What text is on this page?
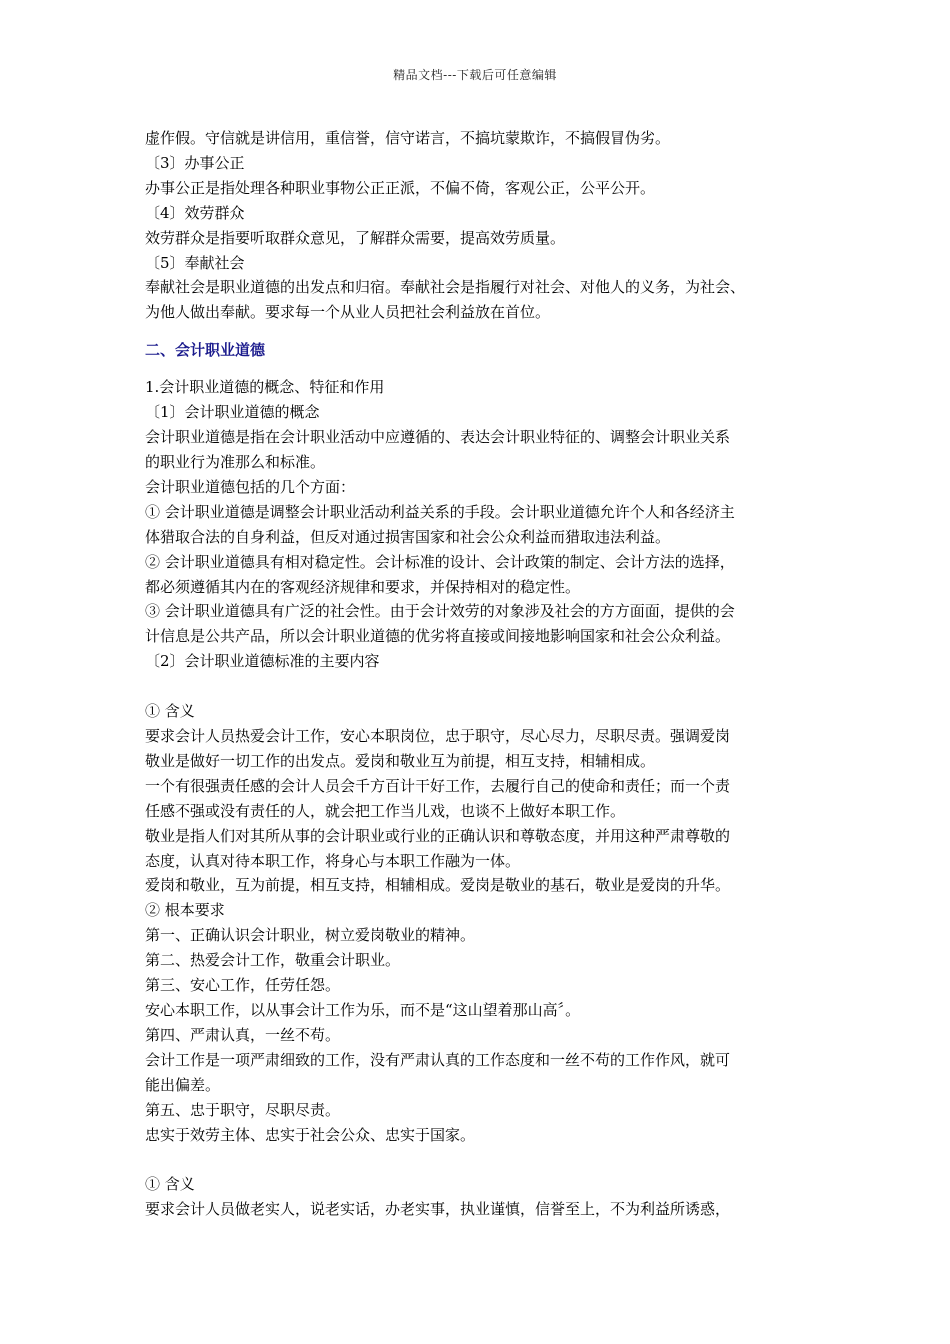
精品文档---下载后可任意编辑
虚作假。守信就是讲信用，重信誉，信守诺言，不搞坑蒙欺诈，不搞假冒伪劣。
〔3〕办事公正
办事公正是指处理各种职业事物公正正派，不偏不倚，客观公正，公平公开。
〔4〕效劳群众
效劳群众是指要听取群众意见，了解群众需要，提高效劳质量。
〔5〕奉献社会
奉献社会是职业道德的出发点和归宿。奉献社会是指履行对社会、对他人的义务，为社会、
为他人做出奉献。要求每一个从业人员把社会利益放在首位。
二、会计职业道德
1.会计职业道德的概念、特征和作用
〔1〕会计职业道德的概念
会计职业道德是指在会计职业活动中应遵循的、表达会计职业特征的、调整会计职业关系
的职业行为准那么和标准。
会计职业道德包括的几个方面：
① 会计职业道德是调整会计职业活动利益关系的手段。会计职业道德允许个人和各经济主
体猎取合法的自身利益，但反对通过损害国家和社会公众利益而猎取违法利益。
② 会计职业道德具有相对稳定性。会计标准的设计、会计政策的制定、会计方法的选择，
都必须遵循其内在的客观经济规律和要求，并保持相对的稳定性。
③ 会计职业道德具有广泛的社会性。由于会计效劳的对象涉及社会的方方面面，提供的会
计信息是公共产品，所以会计职业道德的优劣将直接或间接地影响国家和社会公众利益。
〔2〕会计职业道德标准的主要内容
① 含义
要求会计人员热爱会计工作，安心本职岗位，忠于职守，尽心尽力，尽职尽责。强调爱岗
敬业是做好一切工作的出发点。爱岗和敬业互为前提，相互支持，相辅相成。
一个有很强责任感的会计人员会千方百计干好工作，去履行自己的使命和责任；而一个责
任感不强或没有责任的人，就会把工作当儿戏，也谈不上做好本职工作。
敬业是指人们对其所从事的会计职业或行业的正确认识和尊敬态度，并用这种严肃尊敬的
态度，认真对待本职工作，将身心与本职工作融为一体。
爱岗和敬业，互为前提，相互支持，相辅相成。爱岗是敬业的基石，敬业是爱岗的升华。
② 根本要求
第一、正确认识会计职业，树立爱岗敬业的精神。
第二、热爱会计工作，敬重会计职业。
第三、安心工作，任劳任怨。
安心本职工作，以从事会计工作为乐，而不是“这山望着那山高〞。
第四、严肃认真，一丝不苟。
会计工作是一项严肃细致的工作，没有严肃认真的工作态度和一丝不苟的工作作风，就可
能出偏差。
第五、忠于职守，尽职尽责。
忠实于效劳主体、忠实于社会公众、忠实于国家。
① 含义
要求会计人员做老实人，说老实话，办老实事，执业谨慎，信誉至上，不为利益所诱惑，
